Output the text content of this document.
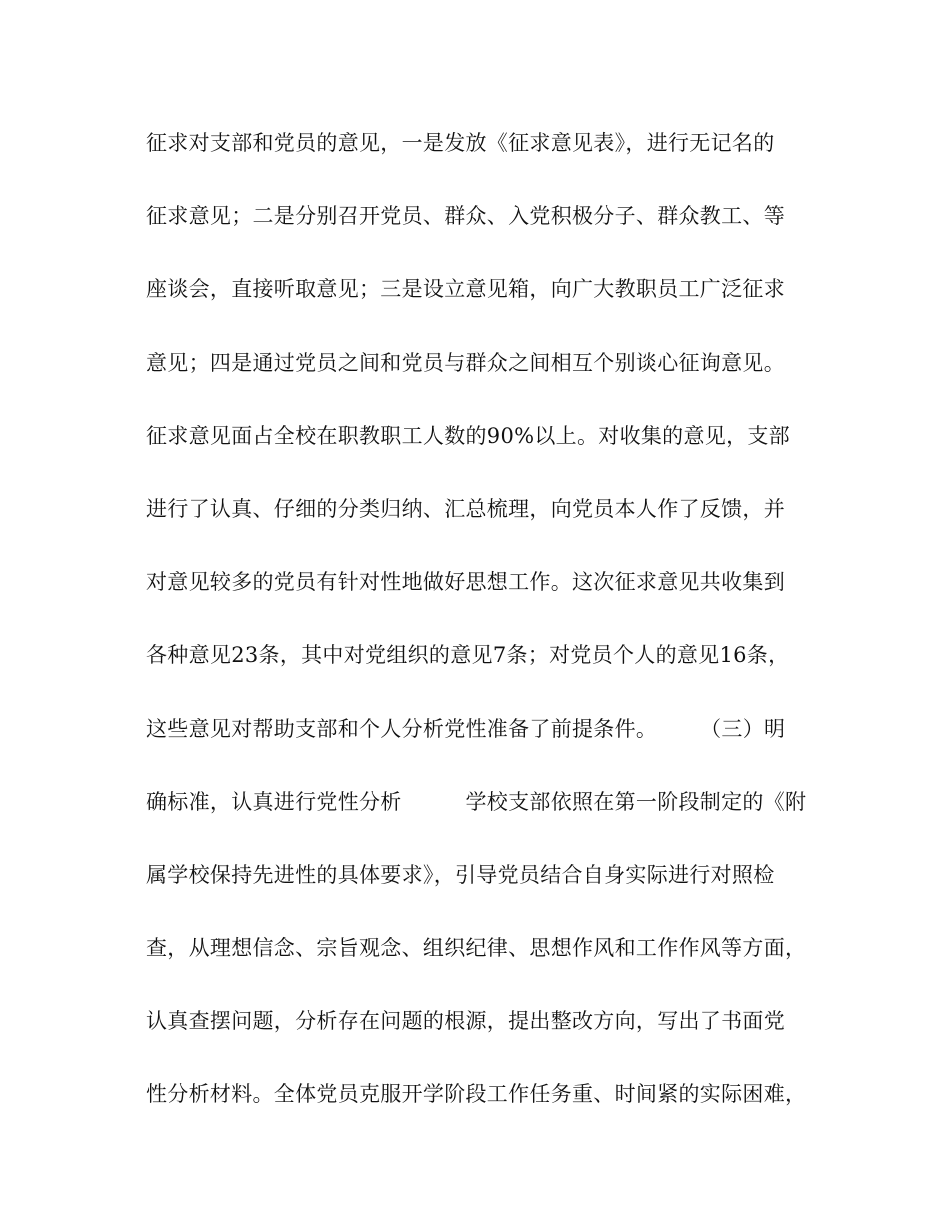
征求对支部和党员的意见，一是发放《征求意见表》，进行无记名的
征求意见；二是分别召开党员、群众、入党积极分子、群众教工、等
座谈会，直接听取意见；三是设立意见箱，向广大教职员工广泛征求
意见；四是通过党员之间和党员与群众之间相互个别谈心征询意见。
征求意见面占全校在职教职工人数的90%以上。对收集的意见，支部
进行了认真、仔细的分类归纳、汇总梳理，向党员本人作了反馈，并
对意见较多的党员有针对性地做好思想工作。这次征求意见共收集到
各种意见23条，其中对党组织的意见7条；对党员个人的意见16条，
这些意见对帮助支部和个人分析党性准备了前提条件。　　　（三）明
确标准，认真进行党性分析　　　学校支部依照在第一阶段制定的《附
属学校保持先进性的具体要求》，引导党员结合自身实际进行对照检
查，从理想信念、宗旨观念、组织纪律、思想作风和工作作风等方面，
认真查摆问题，分析存在问题的根源，提出整改方向，写出了书面党
性分析材料。全体党员克服开学阶段工作任务重、时间紧的实际困难，
